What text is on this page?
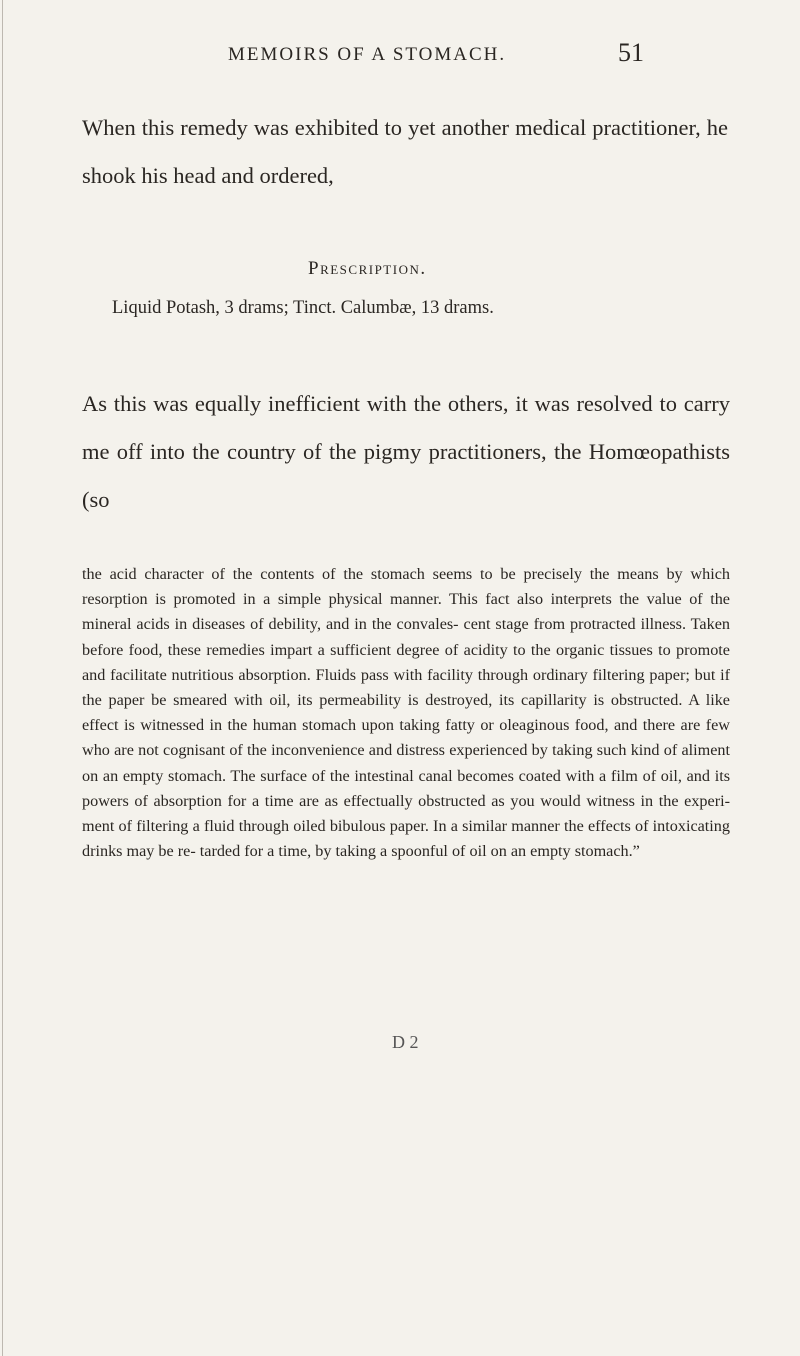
MEMOIRS OF A STOMACH.	51

When this remedy was exhibited to yet another medical practitioner, he shook his head and ordered,

Prescription.
Liquid Potash, 3 drams; Tinct. Calumbæ, 13 drams.

As this was equally inefficient with the others, it was resolved to carry me off into the country of the pigmy practitioners, the Homœopathists (so

the acid character of the contents of the stomach seems to be precisely the means by which resorption is promoted in a simple physical manner. This fact also interprets the value of the mineral acids in diseases of debility, and in the convales- cent stage from protracted illness. Taken before food, these remedies impart a sufficient degree of acidity to the organic tissues to promote and facilitate nutritious absorption. Fluids pass with facility through ordinary filtering paper; but if the paper be smeared with oil, its permeability is destroyed, its capillarity is obstructed. A like effect is witnessed in the human stomach upon taking fatty or oleaginous food, and there are few who are not cognisant of the inconvenience and distress experienced by taking such kind of aliment on an empty stomach. The surface of the intestinal canal becomes coated with a film of oil, and its powers of absorption for a time are as effectually obstructed as you would witness in the experi- ment of filtering a fluid through oiled bibulous paper. In a similar manner the effects of intoxicating drinks may be re- tarded for a time, by taking a spoonful of oil on an empty stomach.”

D 2
